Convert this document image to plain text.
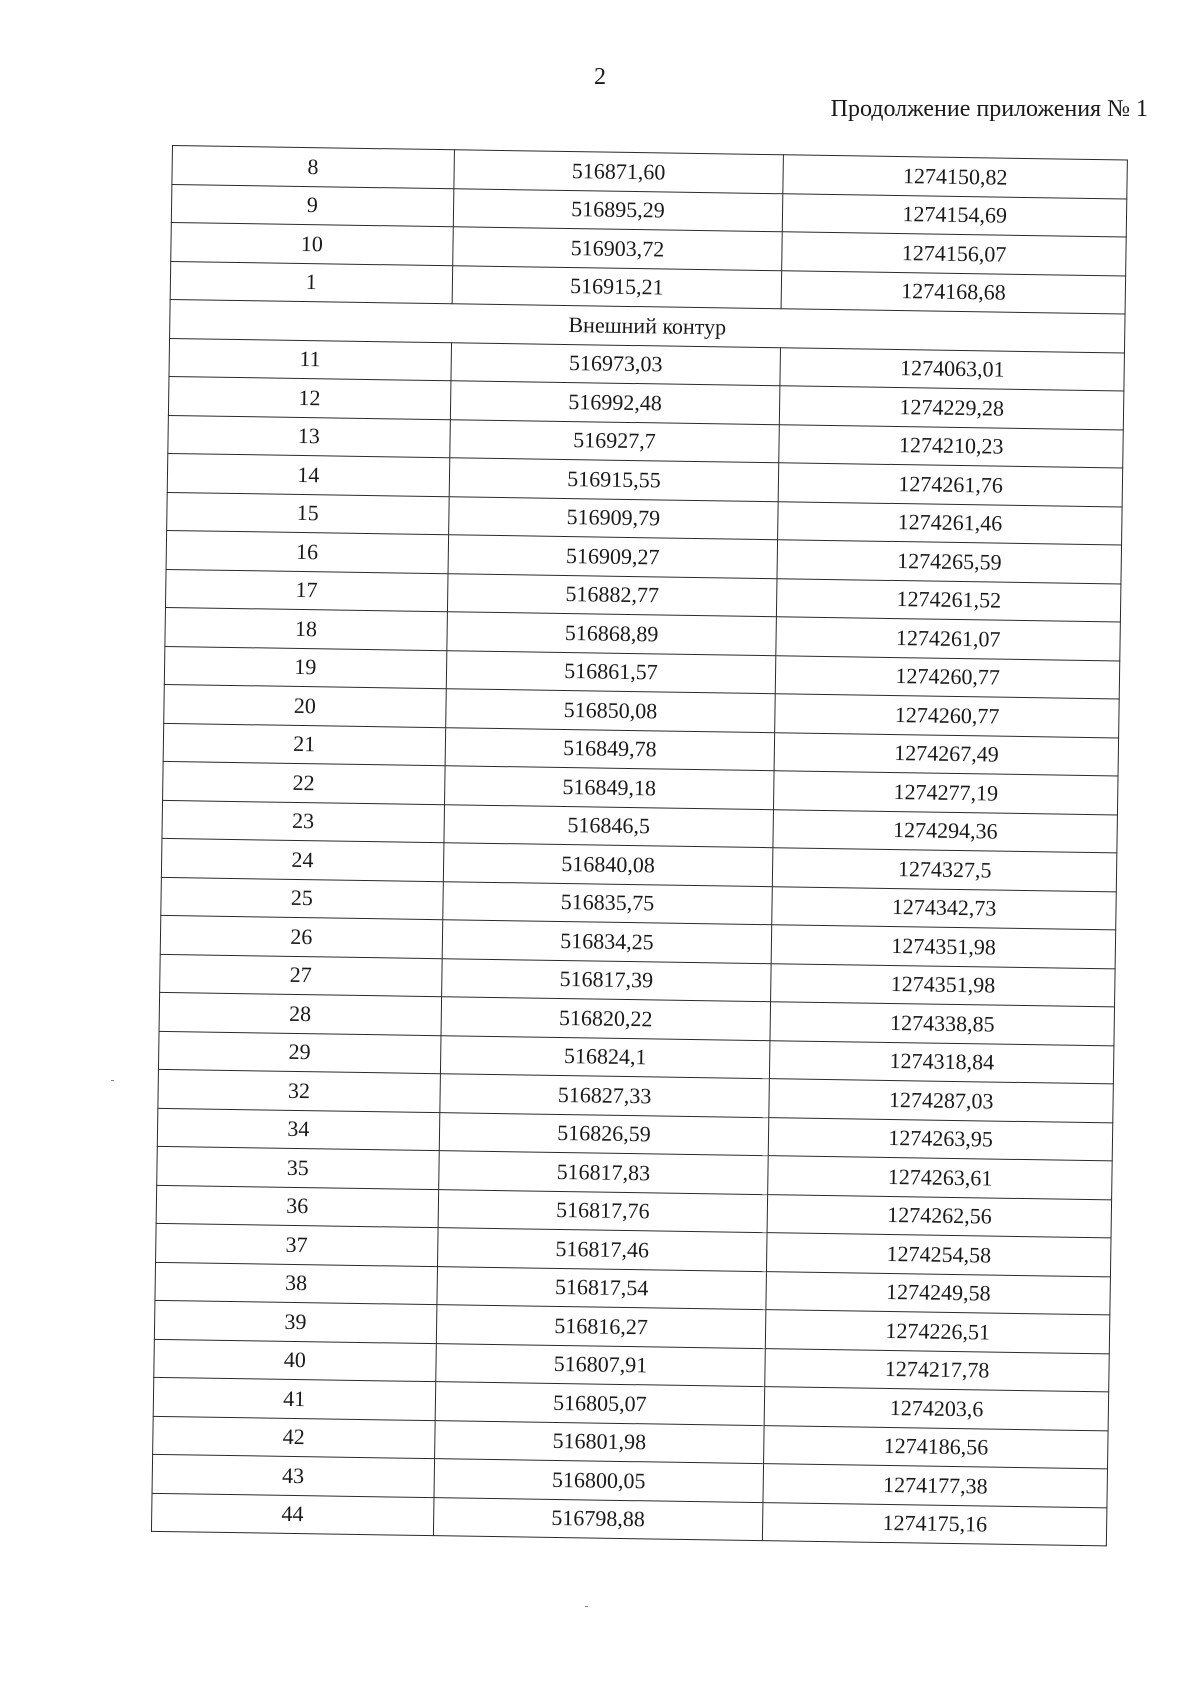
2
Продолжение приложения № 1
8	516871,60	1274150,82
9	516895,29	1274154,69
10	516903,72	1274156,07
1	516915,21	1274168,68
Внешний контур		
11	516973,03	1274063,01
12	516992,48	1274229,28
13	516927,7	1274210,23
14	516915,55	1274261,76
15	516909,79	1274261,46
16	516909,27	1274265,59
17	516882,77	1274261,52
18	516868,89	1274261,07
19	516861,57	1274260,77
20	516850,08	1274260,77
21	516849,78	1274267,49
22	516849,18	1274277,19
23	516846,5	1274294,36
24	516840,08	1274327,5
25	516835,75	1274342,73
26	516834,25	1274351,98
27	516817,39	1274351,98
28	516820,22	1274338,85
29	516824,1	1274318,84
32	516827,33	1274287,03
34	516826,59	1274263,95
35	516817,83	1274263,61
36	516817,76	1274262,56
37	516817,46	1274254,58
38	516817,54	1274249,58
39	516816,27	1274226,51
40	516807,91	1274217,78
41	516805,07	1274203,6
42	516801,98	1274186,56
43	516800,05	1274177,38
44	516798,88	1274175,16
